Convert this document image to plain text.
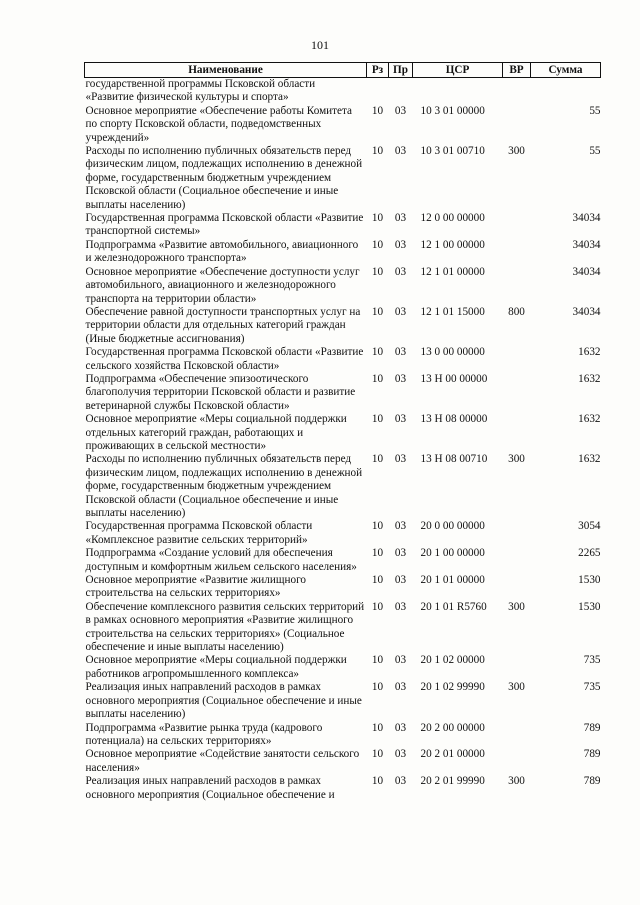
101
Наименование	Рз	Пр	ЦСР	ВР	Сумма
государственной программы Псковской области «Развитие физической культуры и спорта»					
Основное мероприятие «Обеспечение работы Комитета по спорту Псковской области, подведомственных учреждений»	10	03	10 3 01 00000		55
Расходы по исполнению публичных обязательств перед физическим лицом, подлежащих исполнению в денежной форме, государственным бюджетным учреждением Псковской области (Социальное обеспечение и иные выплаты населению)	10	03	10 3 01 00710	300	55
Государственная программа Псковской области «Развитие транспортной системы»	10	03	12 0 00 00000		34034
Подпрограмма «Развитие автомобильного, авиационного и железнодорожного транспорта»	10	03	12 1 00 00000		34034
Основное мероприятие «Обеспечение доступности услуг автомобильного, авиационного и железнодорожного транспорта на территории области»	10	03	12 1 01 00000		34034
Обеспечение равной доступности транспортных услуг на территории области для отдельных категорий граждан (Иные бюджетные ассигнования)	10	03	12 1 01 15000	800	34034
Государственная программа Псковской области «Развитие сельского хозяйства Псковской области»	10	03	13 0 00 00000		1632
Подпрограмма «Обеспечение эпизоотического благополучия территории Псковской области и развитие ветеринарной службы Псковской области»	10	03	13 Н 00 00000		1632
Основное мероприятие «Меры социальной поддержки отдельных категорий граждан, работающих и проживающих в сельской местности»	10	03	13 Н 08 00000		1632
Расходы по исполнению публичных обязательств перед физическим лицом, подлежащих исполнению в денежной форме, государственным бюджетным учреждением Псковской области (Социальное обеспечение и иные выплаты населению)	10	03	13 Н 08 00710	300	1632
Государственная программа Псковской области «Комплексное развитие сельских территорий»	10	03	20 0 00 00000		3054
Подпрограмма «Создание условий для обеспечения доступным и комфортным жильем сельского населения»	10	03	20 1 00 00000		2265
Основное мероприятие «Развитие жилищного строительства на сельских территориях»	10	03	20 1 01 00000		1530
Обеспечение комплексного развития сельских территорий в рамках основного мероприятия «Развитие жилищного строительства на сельских территориях» (Социальное обеспечение и иные выплаты населению)	10	03	20 1 01 R5760	300	1530
Основное мероприятие «Меры социальной поддержки работников агропромышленного комплекса»	10	03	20 1 02 00000		735
Реализация иных направлений расходов в рамках основного мероприятия (Социальное обеспечение и иные выплаты населению)	10	03	20 1 02 99990	300	735
Подпрограмма «Развитие рынка труда (кадрового потенциала) на сельских территориях»	10	03	20 2 00 00000		789
Основное мероприятие «Содействие занятости сельского населения»	10	03	20 2 01 00000		789
Реализация иных направлений расходов в рамках основного мероприятия (Социальное обеспечение и	10	03	20 2 01 99990	300	789
